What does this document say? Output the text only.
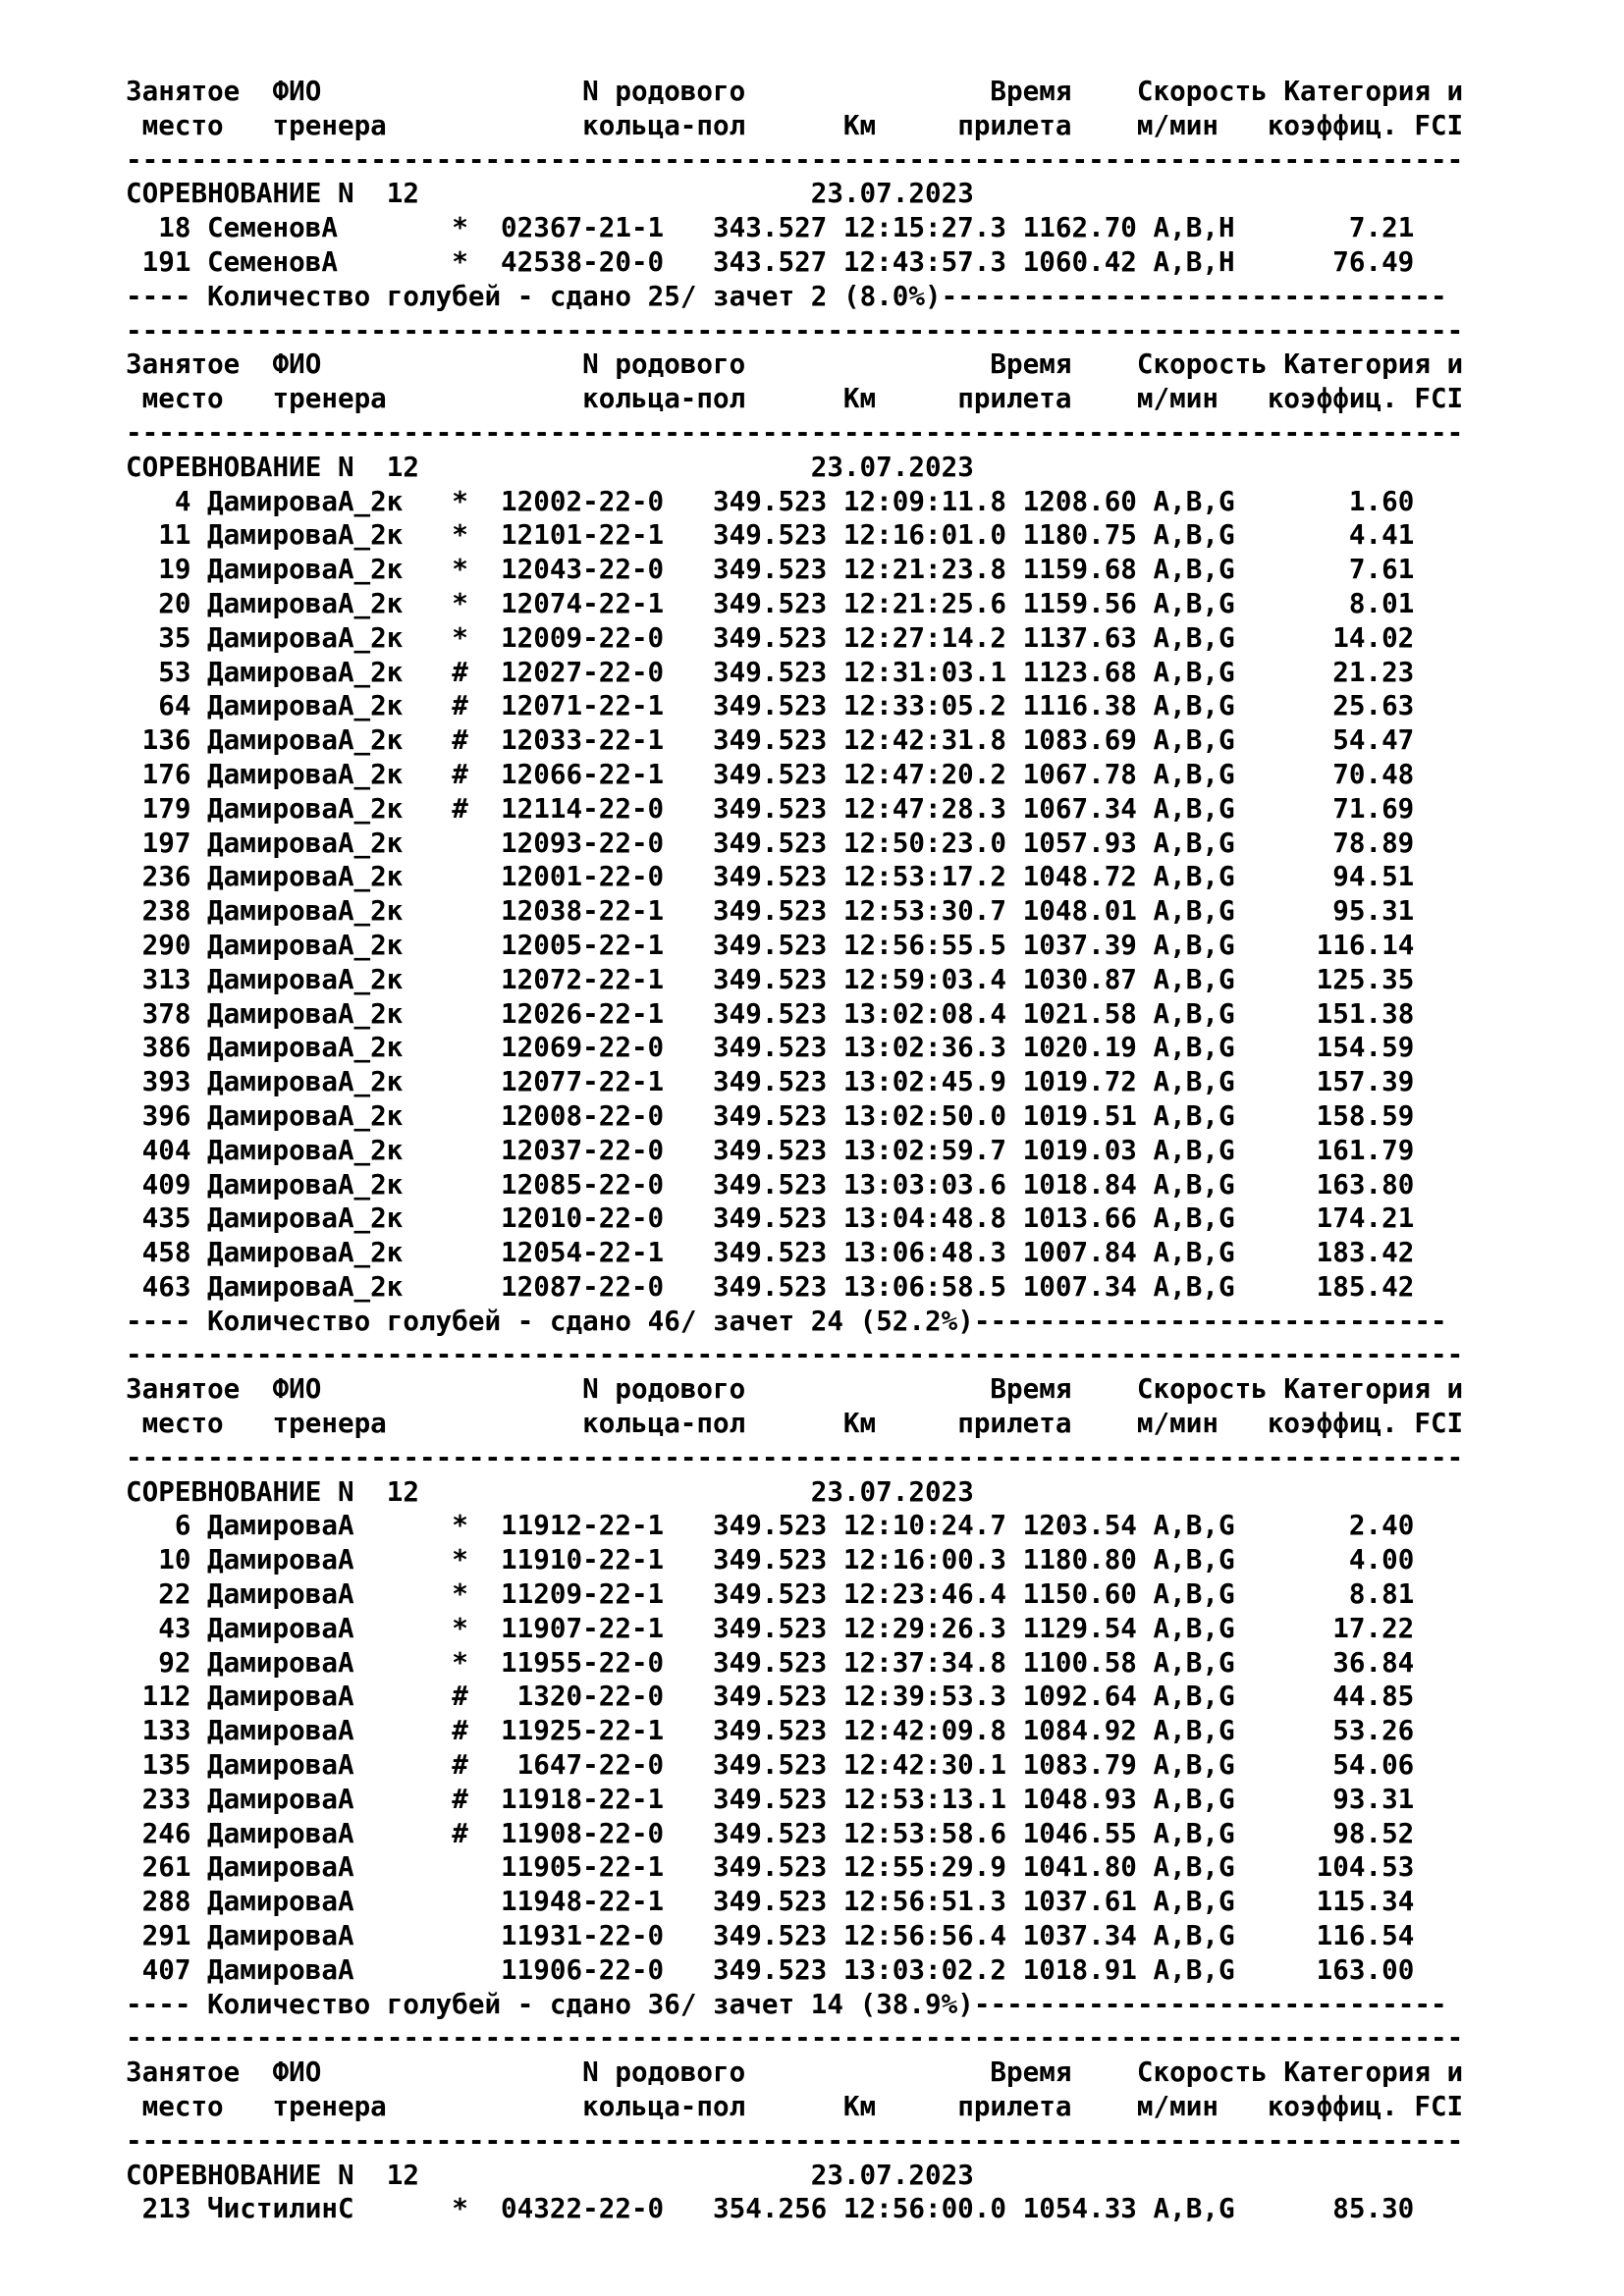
Занятое ФИО	N родового	Время Скорость Категория и
место тренера	кольца-пол	Км	прилета м/мин коэффиц. FCI
----------------------------------------------------------------------------------
СОРЕВНОВАНИЕ N  12	23.07.2023
18 СеменовА	* 02367-21-1 343.527 12:15:27.3 1162.70 A,B,H	7.21
191 СеменовА	* 42538-20-0 343.527 12:43:57.3 1060.42 A,B,H	76.49
---- Количество голубей - сдано 25/ зачет 2 (8.0%)-------------------------------
----------------------------------------------------------------------------------
Занятое ФИО	N родового	Время Скорость Категория и
место тренера	кольца-пол	Км	прилета м/мин коэффиц. FCI
----------------------------------------------------------------------------------
СОРЕВНОВАНИЕ N  12	23.07.2023
4 ДамироваА_2к * 12002-22-0 349.523 12:09:11.8 1208.60 A,B,G	1.60
11 ДамироваА_2к * 12101-22-1 349.523 12:16:01.0 1180.75 A,B,G	4.41
19 ДамироваА_2к * 12043-22-0 349.523 12:21:23.8 1159.68 A,B,G	7.61
20 ДамироваА_2к * 12074-22-1 349.523 12:21:25.6 1159.56 A,B,G	8.01
35 ДамироваА_2к * 12009-22-0 349.523 12:27:14.2 1137.63 A,B,G	14.02
53 ДамироваА_2к # 12027-22-0 349.523 12:31:03.1 1123.68 A,B,G	21.23
64 ДамироваА_2к # 12071-22-1 349.523 12:33:05.2 1116.38 A,B,G	25.63
136 ДамироваА_2к # 12033-22-1 349.523 12:42:31.8 1083.69 A,B,G	54.47
176 ДамироваА_2к # 12066-22-1 349.523 12:47:20.2 1067.78 A,B,G	70.48
179 ДамироваА_2к # 12114-22-0 349.523 12:47:28.3 1067.34 A,B,G	71.69
197 ДамироваА_2к	12093-22-0 349.523 12:50:23.0 1057.93 A,B,G	78.89
236 ДамироваА_2к	12001-22-0 349.523 12:53:17.2 1048.72 A,B,G	94.51
238 ДамироваА_2к	12038-22-1 349.523 12:53:30.7 1048.01 A,B,G	95.31
290 ДамироваА_2к	12005-22-1 349.523 12:56:55.5 1037.39 A,B,G	116.14
313 ДамироваА_2к	12072-22-1 349.523 12:59:03.4 1030.87 A,B,G	125.35
378 ДамироваА_2к	12026-22-1 349.523 13:02:08.4 1021.58 A,B,G	151.38
386 ДамироваА_2к	12069-22-0 349.523 13:02:36.3 1020.19 A,B,G	154.59
393 ДамироваА_2к	12077-22-1 349.523 13:02:45.9 1019.72 A,B,G	157.39
396 ДамироваА_2к	12008-22-0 349.523 13:02:50.0 1019.51 A,B,G	158.59
404 ДамироваА_2к	12037-22-0 349.523 13:02:59.7 1019.03 A,B,G	161.79
409 ДамироваА_2к	12085-22-0 349.523 13:03:03.6 1018.84 A,B,G	163.80
435 ДамироваА_2к	12010-22-0 349.523 13:04:48.8 1013.66 A,B,G	174.21
458 ДамироваА_2к	12054-22-1 349.523 13:06:48.3 1007.84 A,B,G	183.42
463 ДамироваА_2к	12087-22-0 349.523 13:06:58.5 1007.34 A,B,G	185.42
---- Количество голубей - сдано 46/ зачет 24 (52.2%)-----------------------------
----------------------------------------------------------------------------------
Занятое ФИО	N родового	Время Скорость Категория и
место тренера	кольца-пол	Км	прилета м/мин коэффиц. FCI
----------------------------------------------------------------------------------
СОРЕВНОВАНИЕ N  12	23.07.2023
6 ДамироваА	* 11912-22-1 349.523 12:10:24.7 1203.54 A,B,G	2.40
10 ДамироваА	* 11910-22-1 349.523 12:16:00.3 1180.80 A,B,G	4.00
22 ДамироваА	* 11209-22-1 349.523 12:23:46.4 1150.60 A,B,G	8.81
43 ДамироваА	* 11907-22-1 349.523 12:29:26.3 1129.54 A,B,G	17.22
92 ДамироваА	* 11955-22-0 349.523 12:37:34.8 1100.58 A,B,G	36.84
112 ДамироваА	# 1320-22-0 349.523 12:39:53.3 1092.64 A,B,G	44.85
133 ДамироваА	# 11925-22-1 349.523 12:42:09.8 1084.92 A,B,G	53.26
135 ДамироваА	# 1647-22-0 349.523 12:42:30.1 1083.79 A,B,G	54.06
233 ДамироваА	# 11918-22-1 349.523 12:53:13.1 1048.93 A,B,G	93.31
246 ДамироваА	# 11908-22-0 349.523 12:53:58.6 1046.55 A,B,G	98.52
261 ДамироваА	11905-22-1 349.523 12:55:29.9 1041.80 A,B,G	104.53
288 ДамироваА	11948-22-1 349.523 12:56:51.3 1037.61 A,B,G	115.34
291 ДамироваА	11931-22-0 349.523 12:56:56.4 1037.34 A,B,G	116.54
407 ДамироваА	11906-22-0 349.523 13:03:02.2 1018.91 A,B,G	163.00
---- Количество голубей - сдано 36/ зачет 14 (38.9%)-----------------------------
----------------------------------------------------------------------------------
Занятое ФИО	N родового	Время Скорость Категория и
место тренера	кольца-пол	Км	прилета м/мин коэффиц. FCI
----------------------------------------------------------------------------------
СОРЕВНОВАНИЕ N  12	23.07.2023
213 ЧистилинС	* 04322-22-0 354.256 12:56:00.0 1054.33 A,B,G	85.30
